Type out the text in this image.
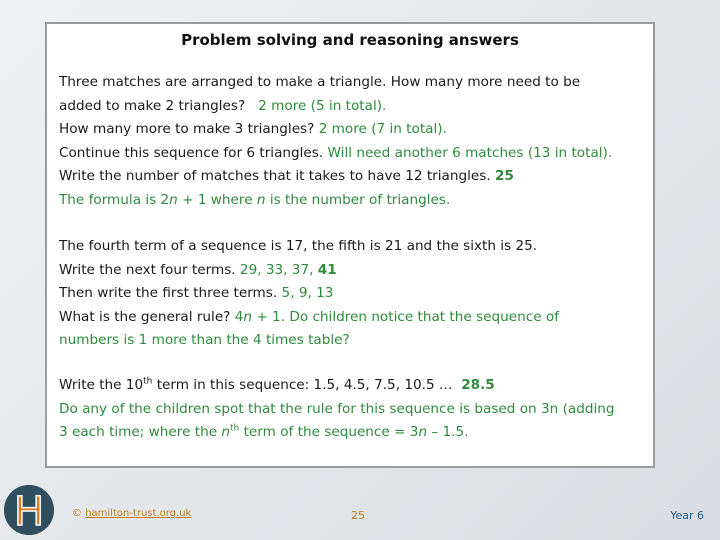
Problem solving and reasoning answers

Three matches are arranged to make a triangle. How many more need to be

added to make 2 triangles? 2 more (5 in total).

How many more to make 3 triangles? 2 more (7 in total).

Continue this sequence for 6 triangles. Will need another 6 matches (13 in total).

Write the number of matches that it takes to have 12 triangles. 25

The formula is 2n + 1 where n is the number of triangles.

The fourth term of a sequence is 17, the fifth is 21 and the sixth is 25.

Write the next four terms. 29, 33, 37, 41

Then write the first three terms. 5, 9, 13

What is the general rule? 4n + 1. Do children notice that the sequence of

numbers is 1 more than the 4 times table?

Write the 10th term in this sequence: 1.5, 4.5, 7.5, 10.5 … 28.5

Do any of the children spot that the rule for this sequence is based on 3n (adding

3 each time; where the $n^{th}$ term of the sequence = 3n – 1.5.

H	© hamilton-trust.org.uk	25	Year 6
